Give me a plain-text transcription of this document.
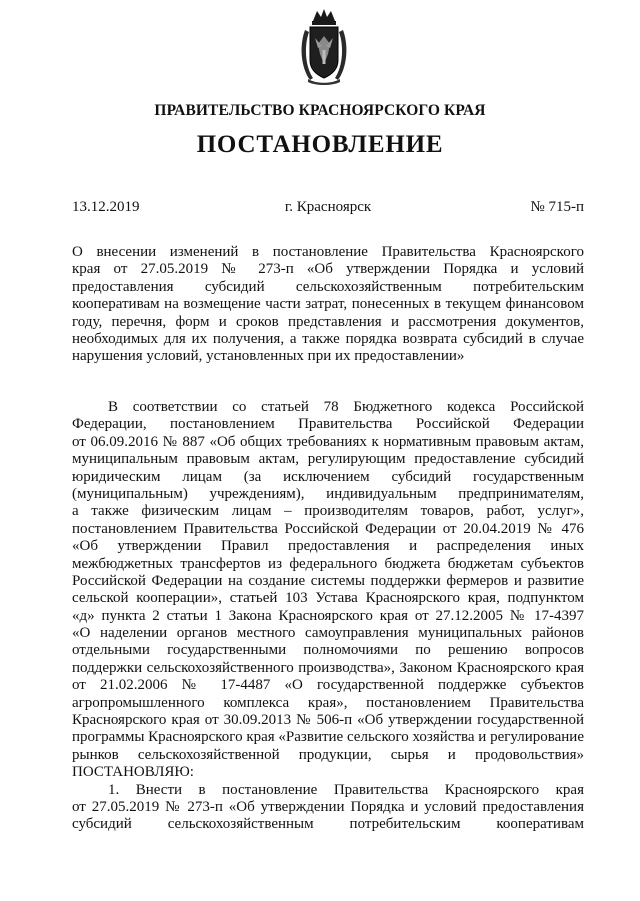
ПРАВИТЕЛЬСТВО КРАСНОЯРСКОГО КРАЯ
ПОСТАНОВЛЕНИЕ
13.12.2019	г. Красноярск	№ 715-п
О внесении изменений в постановление Правительства Красноярского
края от 27.05.2019 № 273-п «Об утверждении Порядка и условий
предоставления субсидий сельскохозяйственным потребительским
кооперативам на возмещение части затрат, понесенных в текущем финансовом
году, перечня, форм и сроков представления и рассмотрения документов,
необходимых для их получения, а также порядка возврата субсидий в случае
нарушения условий, установленных при их предоставлении»
В соответствии со статьей 78 Бюджетного кодекса Российской
Федерации, постановлением Правительства Российской Федерации
от 06.09.2016 № 887 «Об общих требованиях к нормативным правовым актам,
муниципальным правовым актам, регулирующим предоставление субсидий
юридическим лицам (за исключением субсидий государственным
(муниципальным) учреждениям), индивидуальным предпринимателям,
а также физическим лицам – производителям товаров, работ, услуг»,
постановлением Правительства Российской Федерации от 20.04.2019 № 476
«Об утверждении Правил предоставления и распределения иных
межбюджетных трансфертов из федерального бюджета бюджетам субъектов
Российской Федерации на создание системы поддержки фермеров и развитие
сельской кооперации», статьей 103 Устава Красноярского края, подпунктом
«д» пункта 2 статьи 1 Закона Красноярского края от 27.12.2005 № 17-4397
«О наделении органов местного самоуправления муниципальных районов
отдельными государственными полномочиями по решению вопросов
поддержки сельскохозяйственного производства», Законом Красноярского края
от 21.02.2006 № 17-4487 «О государственной поддержке субъектов
агропромышленного комплекса края», постановлением Правительства
Красноярского края от 30.09.2013 № 506-п «Об утверждении государственной
программы Красноярского края «Развитие сельского хозяйства и регулирование
рынков сельскохозяйственной продукции, сырья и продовольствия»
ПОСТАНОВЛЯЮ:
1. Внести в постановление Правительства Красноярского края
от 27.05.2019 № 273-п «Об утверждении Порядка и условий предоставления
субсидий сельскохозяйственным потребительским кооперативам
